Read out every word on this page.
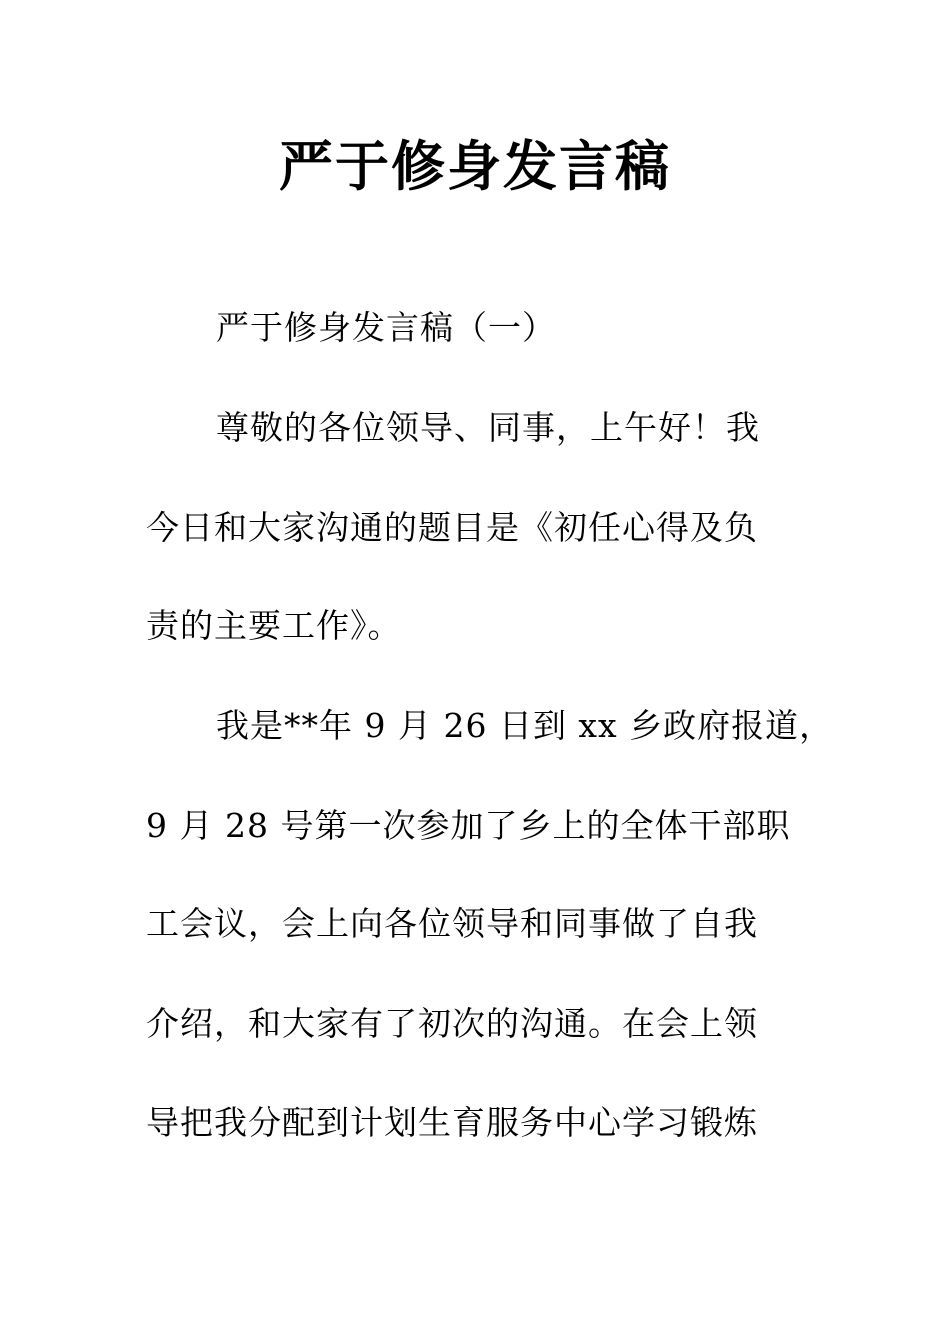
严于修身发言稿
严于修身发言稿（一）
尊敬的各位领导、同事，上午好！我
今日和大家沟通的题目是《初任心得及负
责的主要工作》。
我是**年 9 月 26 日到 xx 乡政府报道，
9 月 28 号第一次参加了乡上的全体干部职
工会议，会上向各位领导和同事做了自我
介绍，和大家有了初次的沟通。在会上领
导把我分配到计划生育服务中心学习锻炼
